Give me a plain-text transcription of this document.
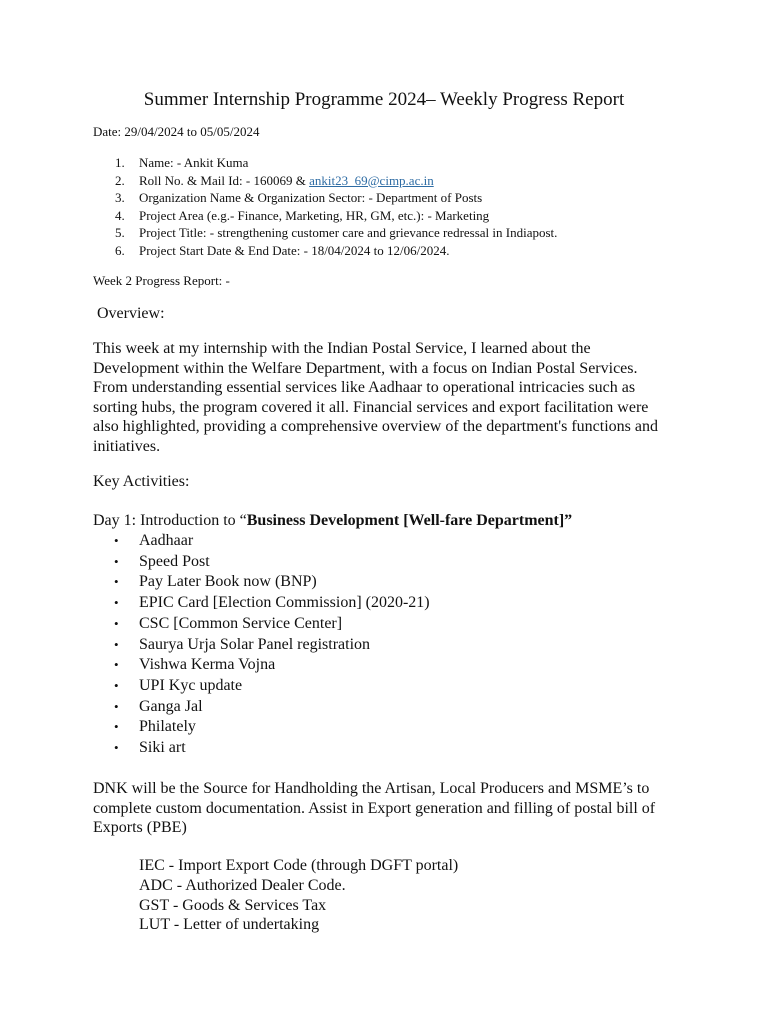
Summer Internship Programme 2024– Weekly Progress Report
Date: 29/04/2024 to 05/05/2024
1. Name: - Ankit Kuma
2. Roll No. & Mail Id: - 160069 & ankit23_69@cimp.ac.in
3. Organization Name & Organization Sector: - Department of Posts
4. Project Area (e.g.- Finance, Marketing, HR, GM, etc.): - Marketing
5. Project Title: - strengthening customer care and grievance redressal in Indiapost.
6. Project Start Date & End Date: - 18/04/2024 to 12/06/2024.
Week 2 Progress Report: -
Overview:

This week at my internship with the Indian Postal Service, I learned about the Development within the Welfare Department, with a focus on Indian Postal Services. From understanding essential services like Aadhaar to operational intricacies such as sorting hubs, the program covered it all. Financial services and export facilitation were also highlighted, providing a comprehensive overview of the department's functions and initiatives.

Key Activities:
Day 1: Introduction to “Business Development [Well-fare Department]”
• Aadhaar
• Speed Post
• Pay Later Book now (BNP)
• EPIC Card [Election Commission] (2020-21)
• CSC [Common Service Center]
• Saurya Urja Solar Panel registration
• Vishwa Kerma Vojna
• UPI Kyc update
• Ganga Jal
• Philately
• Siki art

DNK will be the Source for Handholding the Artisan, Local Producers and MSME’s to complete custom documentation. Assist in Export generation and filling of postal bill of Exports (PBE)

IEC - Import Export Code (through DGFT portal)
ADC - Authorized Dealer Code.
GST - Goods & Services Tax
LUT - Letter of undertaking
